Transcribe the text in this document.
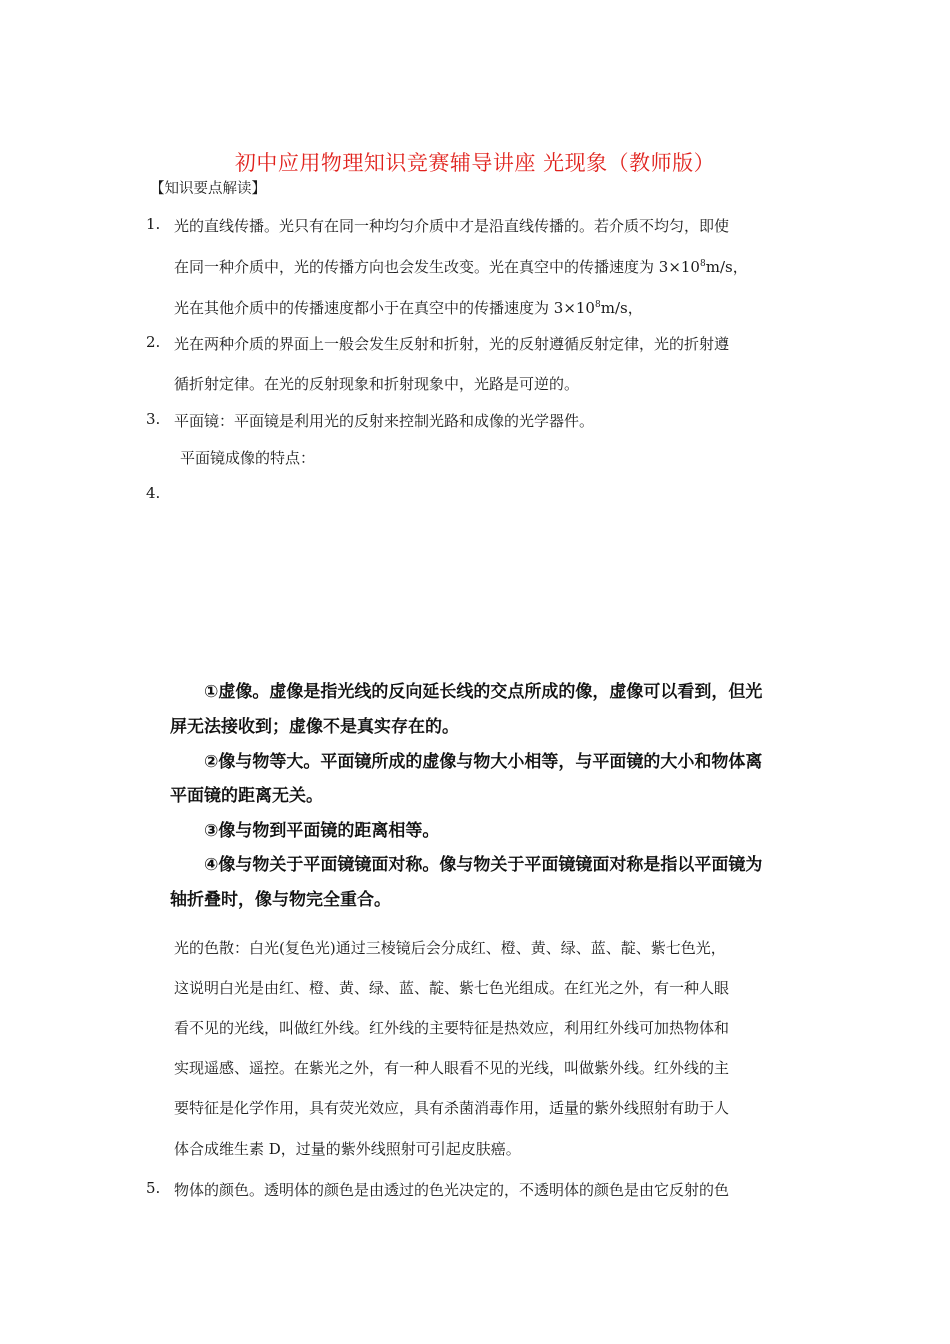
初中应用物理知识竞赛辅导讲座 光现象（教师版）
【知识要点解读】
1. 光的直线传播。光只有在同一种均匀介质中才是沿直线传播的。若介质不均匀，即使
在同一种介质中，光的传播方向也会发生改变。光在真空中的传播速度为 $3\times 10^8m/s$，
光在其他介质中的传播速度都小于在真空中的传播速度为 $3\times 10^8m/s$，
2. 光在两种介质的界面上一般会发生反射和折射，光的反射遵循反射定律，光的折射遵
循折射定律。在光的反射现象和折射现象中，光路是可逆的。
3. 平面镜：平面镜是利用光的反射来控制光路和成像的光学器件。
平面镜成像的特点：
4.
①虚像。虚像是指光线的反向延长线的交点所成的像，虚像可以看到，但光
屏无法接收到；虚像不是真实存在的。
②像与物等大。平面镜所成的虚像与物大小相等，与平面镜的大小和物体离
平面镜的距离无关。
③像与物到平面镜的距离相等。
④像与物关于平面镜镜面对称。像与物关于平面镜镜面对称是指以平面镜为
轴折叠时，像与物完全重合。
光的色散：白光(复色光)通过三棱镜后会分成红、橙、黄、绿、蓝、靛、紫七色光，
这说明白光是由红、橙、黄、绿、蓝、靛、紫七色光组成。在红光之外，有一种人眼
看不见的光线，叫做红外线。红外线的主要特征是热效应，利用红外线可加热物体和
实现遥感、遥控。在紫光之外，有一种人眼看不见的光线，叫做紫外线。红外线的主
要特征是化学作用，具有荧光效应，具有杀菌消毒作用，适量的紫外线照射有助于人
体合成维生素 D，过量的紫外线照射可引起皮肤癌。
5. 物体的颜色。透明体的颜色是由透过的色光决定的，不透明体的颜色是由它反射的色
